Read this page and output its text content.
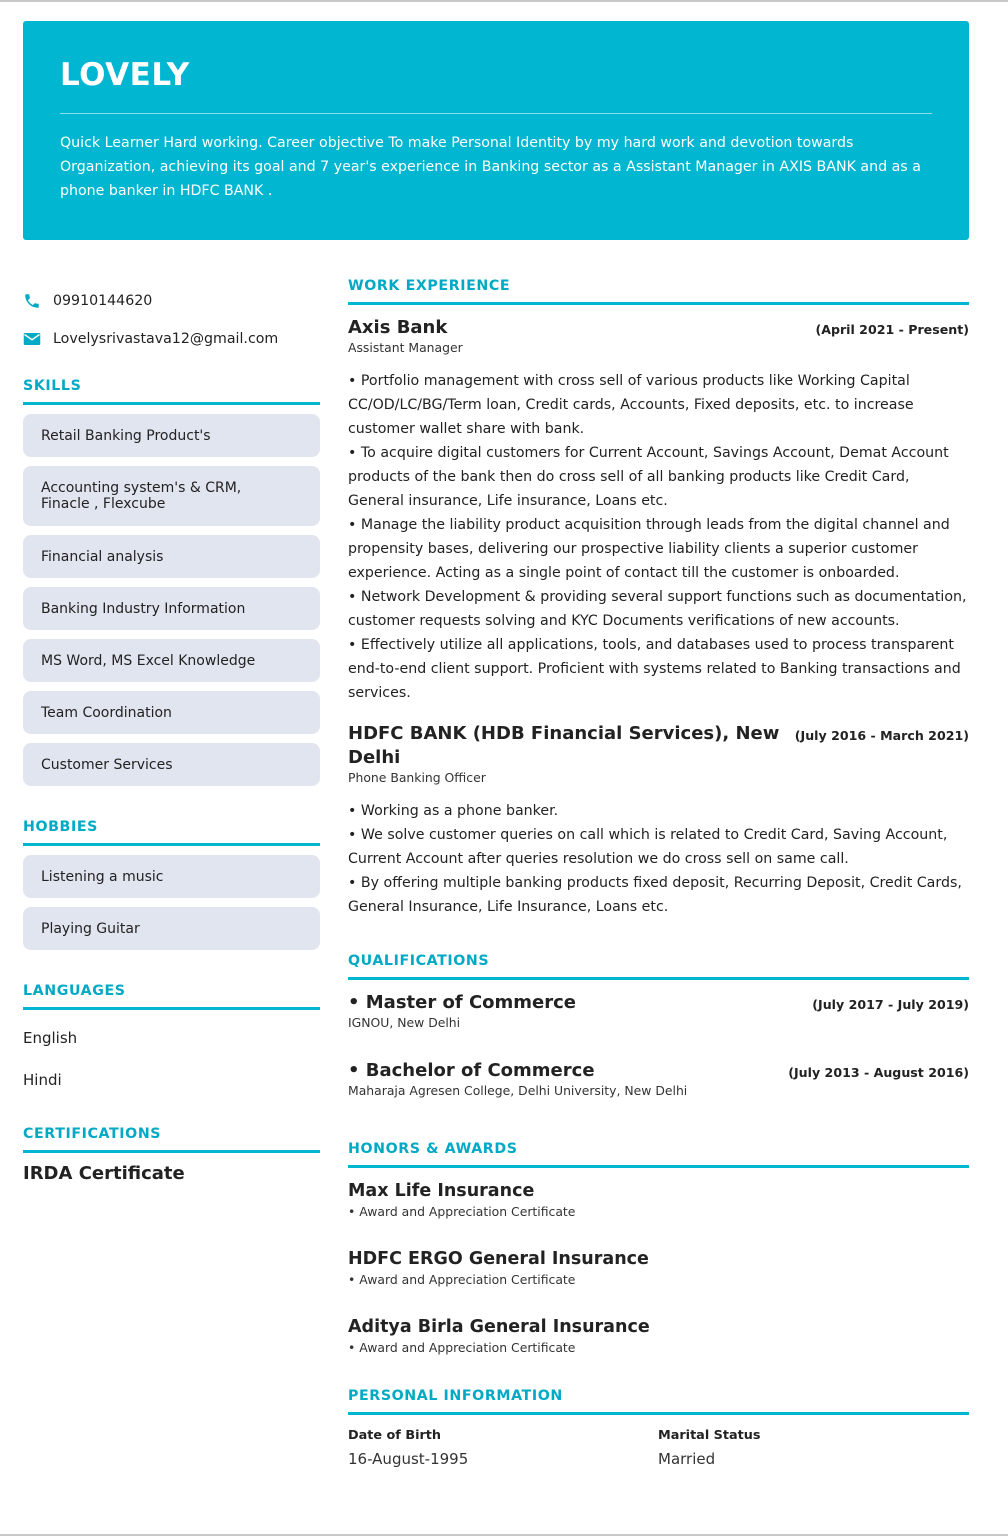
LOVELY
Quick Learner Hard working. Career objective To make Personal Identity by my hard work and devotion towards Organization, achieving its goal and 7 year's experience in Banking sector as a Assistant Manager in AXIS BANK and as a phone banker in HDFC BANK .
09910144620
Lovelysrivastava12@gmail.com
SKILLS
Retail Banking Product's
Accounting system's & CRM, Finacle , Flexcube
Financial analysis
Banking Industry Information
MS Word, MS Excel Knowledge
Team Coordination
Customer Services
HOBBIES
Listening a music
Playing Guitar
LANGUAGES
English
Hindi
CERTIFICATIONS
IRDA Certificate
WORK EXPERIENCE
Axis Bank	(April 2021 - Present)
Assistant Manager
• Portfolio management with cross sell of various products like Working Capital CC/OD/LC/BG/Term loan, Credit cards, Accounts, Fixed deposits, etc. to increase customer wallet share with bank.
• To acquire digital customers for Current Account, Savings Account, Demat Account products of the bank then do cross sell of all banking products like Credit Card, General insurance, Life insurance, Loans etc.
• Manage the liability product acquisition through leads from the digital channel and propensity bases, delivering our prospective liability clients a superior customer experience. Acting as a single point of contact till the customer is onboarded.
• Network Development & providing several support functions such as documentation, customer requests solving and KYC Documents verifications of new accounts.
• Effectively utilize all applications, tools, and databases used to process transparent end-to-end client support. Proficient with systems related to Banking transactions and services.
HDFC BANK (HDB Financial Services), New Delhi
(July 2016 - March 2021)
Phone Banking Officer
• Working as a phone banker.
• We solve customer queries on call which is related to Credit Card, Saving Account, Current Account after queries resolution we do cross sell on same call.
• By offering multiple banking products fixed deposit, Recurring Deposit, Credit Cards, General Insurance, Life Insurance, Loans etc.
QUALIFICATIONS
• Master of Commerce	(July 2017 - July 2019)
IGNOU, New Delhi
• Bachelor of Commerce	(July 2013 - August 2016)
Maharaja Agresen College, Delhi University, New Delhi
HONORS & AWARDS
Max Life Insurance
• Award and Appreciation Certificate
HDFC ERGO General Insurance
• Award and Appreciation Certificate
Aditya Birla General Insurance
• Award and Appreciation Certificate
PERSONAL INFORMATION
Date of Birth
16-August-1995
Marital Status
Married
